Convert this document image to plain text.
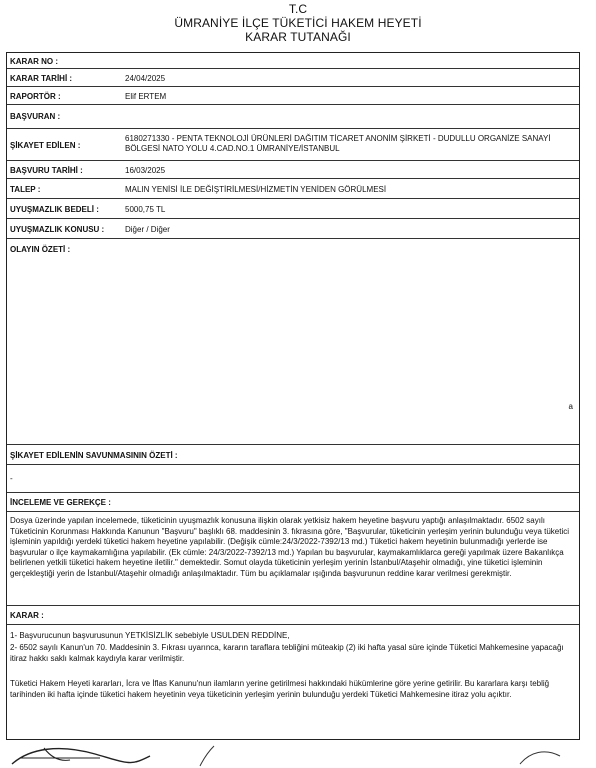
T.C
ÜMRANİYE İLÇE TÜKETİCİ HAKEM HEYETİ
KARAR TUTANAĞI
KARAR NO :
KARAR TARİHİ :	24/04/2025
RAPORTÖR :	Elif ERTEM
BAŞVURAN :
ŞİKAYET EDİLEN :
6180271330 - PENTA TEKNOLOJİ ÜRÜNLERİ DAĞITIM TİCARET ANONİM ŞİRKETİ - DUDULLU ORGANİZE SANAYİ BÖLGESİ NATO YOLU 4.CAD.NO.1 ÜMRANİYE/İSTANBUL
BAŞVURU TARİHİ :	16/03/2025
TALEP :	MALIN YENİSİ İLE DEĞİŞTİRİLMESİ/HİZMETİN YENİDEN GÖRÜLMESİ
UYUŞMAZLIK BEDELİ :	5000,75 TL
UYUŞMAZLIK KONUSU :	Diğer / Diğer
OLAYIN ÖZETİ :
a
ŞİKAYET EDİLENİN SAVUNMASININ ÖZETİ :
-
İNCELEME VE GEREKÇE :
Dosya üzerinde yapılan incelemede, tüketicinin uyuşmazlık konusuna ilişkin olarak yetkisiz hakem heyetine başvuru yaptığı anlaşılmaktadır. 6502 sayılı Tüketicinin Korunması Hakkında Kanunun "Başvuru" başlıklı 68. maddesinin 3. fıkrasına göre, "Başvurular, tüketicinin yerleşim yerinin bulunduğu veya tüketici işleminin yapıldığı yerdeki tüketici hakem heyetine yapılabilir. (Değişik cümle:24/3/2022-7392/13 md.) Tüketici hakem heyetinin bulunmadığı yerlerde ise başvurular o ilçe kaymakamlığına yapılabilir. (Ek cümle: 24/3/2022-7392/13 md.) Yapılan bu başvurular, kaymakamlıklarca gereği yapılmak üzere Bakanlıkça belirlenen yetkili tüketici hakem heyetine iletilir." demektedir. Somut olayda tüketicinin yerleşim yerinin İstanbul/Ataşehir olmadığı, yine tüketici işleminin gerçekleştiği yerin de İstanbul/Ataşehir olmadığı anlaşılmaktadır. Tüm bu açıklamalar ışığında başvurunun reddine karar verilmesi gerekmiştir.
KARAR :
1- Başvurucunun başvurusunun YETKİSİZLİK sebebiyle USULDEN REDDİNE,
2- 6502 sayılı Kanun'un 70. Maddesinin 3. Fıkrası uyarınca, kararın taraflara tebliğini müteakip (2) iki hafta yasal süre içinde Tüketici Mahkemesine yapacağı itiraz hakkı saklı kalmak kaydıyla karar verilmiştir.
Tüketici Hakem Heyeti kararları, İcra ve İflas Kanunu'nun ilamların yerine getirilmesi hakkındaki hükümlerine göre yerine getirilir. Bu kararlara karşı tebliğ tarihinden iki hafta içinde tüketici hakem heyetinin veya tüketicinin yerleşim yerinin bulunduğu yerdeki Tüketici Mahkemesine itiraz yolu açıktır.
